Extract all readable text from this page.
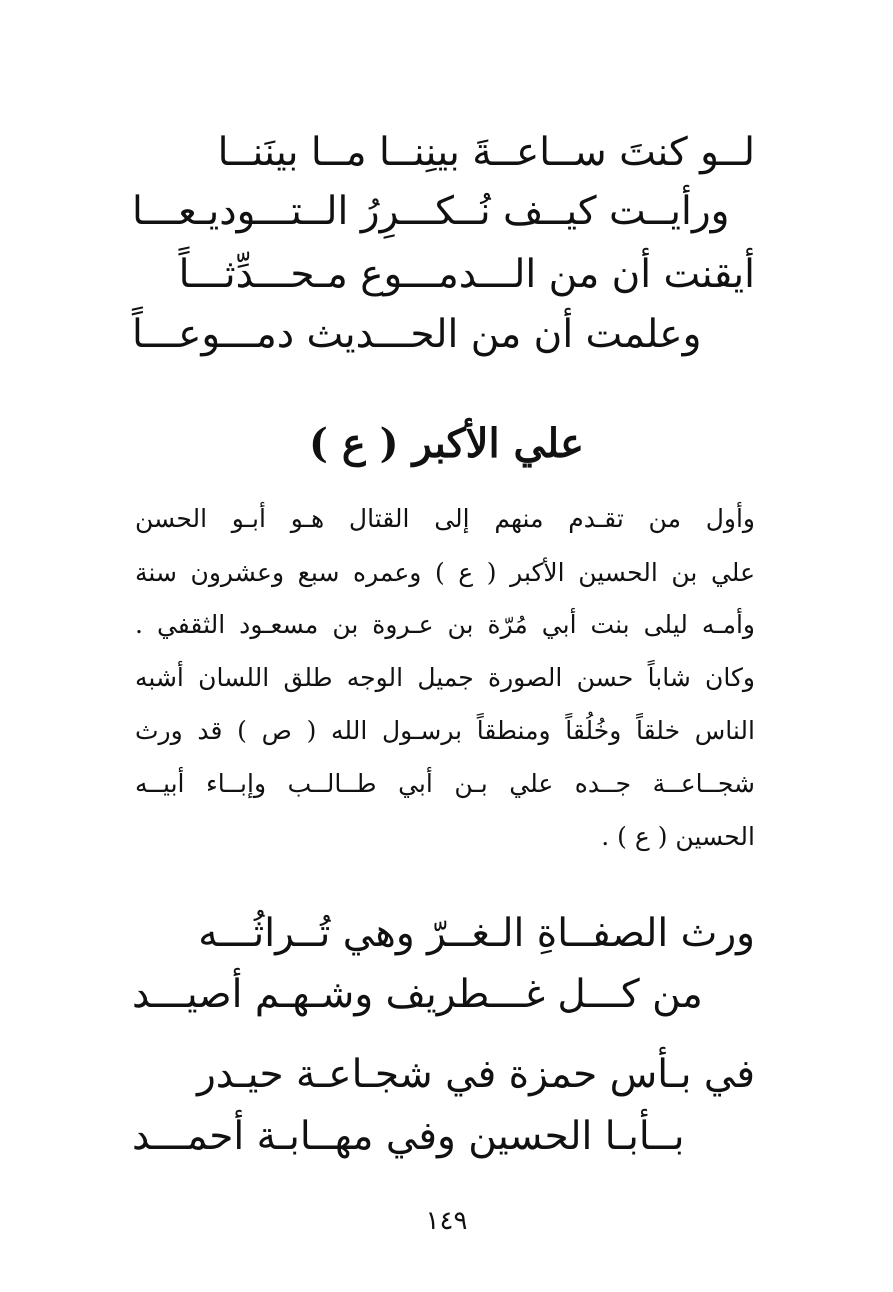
لــو كنتَ ســاعــةَ بينِنــا مــا بينَنــا
ورأيــت كيــف نُــكـــرِرُ الــتـــوديـعـــا
أيقنت أن من الـــدمـــوع مـحـــدِّثـــاً
وعلمت أن من الحـــديث دمـــوعـــاً
علي الأكبر ( ع )
وأول من تقـدم منهم إلى القتال هـو أبـو الحسن
علي بن الحسين الأكبر ( ع ) وعمره سبع وعشرون سنة
وأمـه ليلى بنت أبي مُرّة بن عـروة بن مسعـود الثقفي .
وكان شاباً حسن الصورة جميل الوجه طلق اللسان أشبه
الناس خلقاً وخُلُقاً ومنطقاً برسـول الله ( ص ) قد ورث
شجــاعــة جــده علي بـن أبي طــالــب وإبــاء أبيــه
الحسين ( ع ) .
ورث الصفــاةِ الـغــرّ وهي تُــراثُـــه
من كـــل غـــطريف وشـهـم أصيـــد
في بـأس حمزة في شجـاعـة حيـدر
بــأبـا الحسين وفي مهــابـة أحمـــد
١٤٩
